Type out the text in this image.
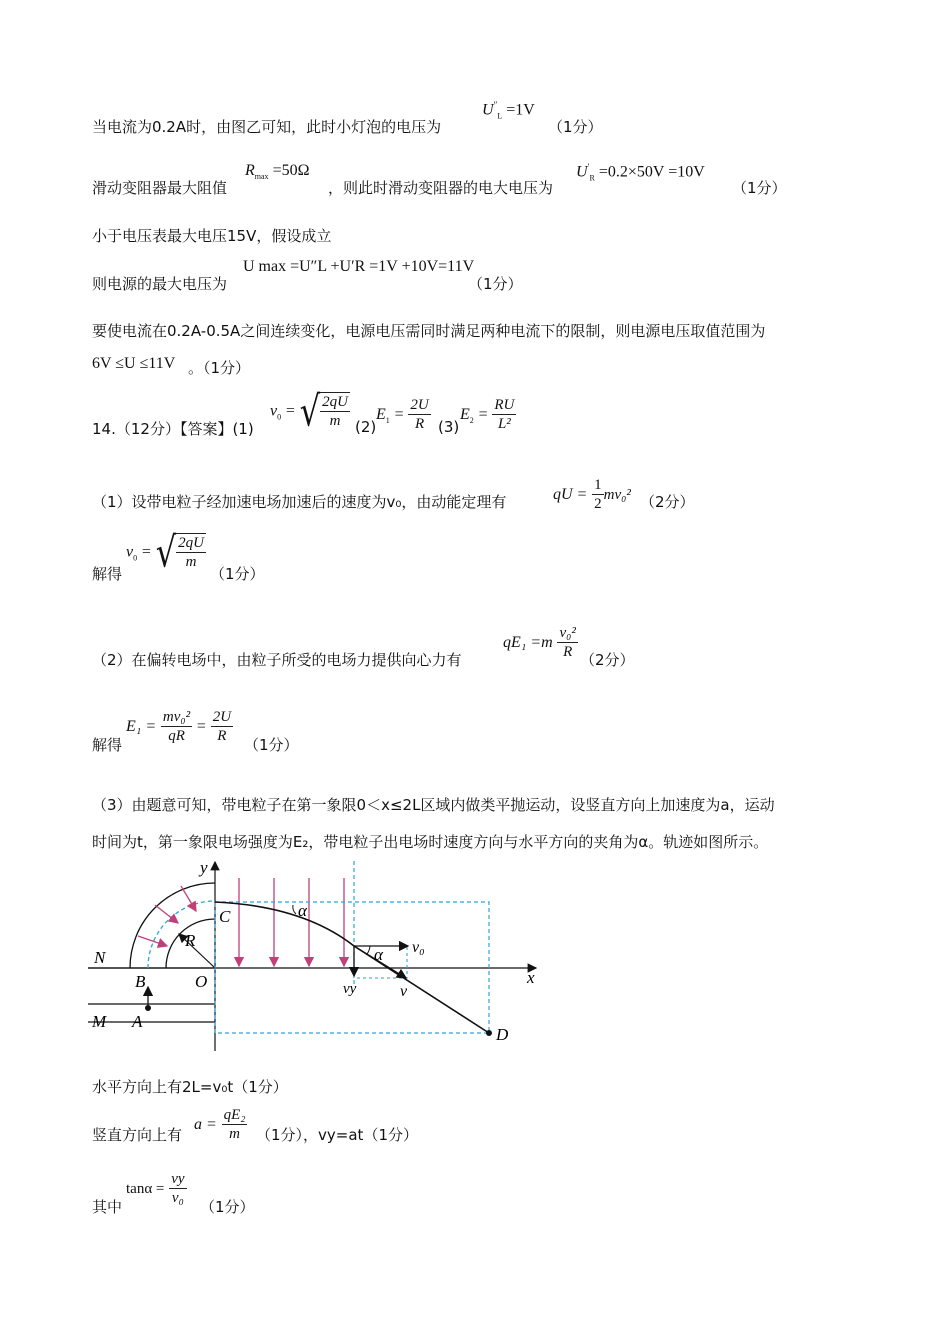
当电流为0.2A时，由图乙可知，此时小灯泡的电压为
$U''_L =1V$
（1分）
滑动变阻器最大阻值
$R_{max} =50\Omega$
，则此时滑动变阻器的电大电压为
$U'_R =0.2\times 50V =10V$
（1分）
小于电压表最大电压15V，假设成立
则电源的最大电压为
U max =U″L +U′R =1V +10V=11V
（1分）
要使电流在0.2A-0.5A之间连续变化，电源电压需同时满足两种电流下的限制，则电源电压取值范围为
6V ≤U ≤11V 。（1分）
14.（12分）【答案】(1)
$v_0$ = √ $\frac{2qU}{m} (2)$
$E_1 = \frac{2U}{R} (3)$
$E_2 = \frac{RU}{\text{L²}}$
（1）设带电粒子经加速电场加速后的速度为v₀，由动能定理有	qU = $\frac{1}{2} mv_0^2$ （2分）
解得
$v_0$ = √ $\frac{2qU}{m}$
（1分）
（2）在偏转电场中，由粒子所受的电场力提供向心力有
$qE_1 =m \frac{\text{v₀²}}{R} (2$分）
解得
$E_1 = \frac{\text{mv₀²}}{qR} = \frac{2U}{R} (1$分）
（3）由题意可知，带电粒子在第一象限0＜x≤2L区域内做类平抛运动，设竖直方向上加速度为a，运动
时间为t，第一象限电场强度为E₂，带电粒子出电场时速度方向与水平方向的夹角为α。轨迹如图所示。
y
x
N
M
B
A
O
C
R
D
α
α v₀
vy	v
水平方向上有2L=v₀t（1分）
竖直方向上有
$a = \frac{\text{qE₂}}{m} (1$分），vy=at（1分）
其中
$\tan\alpha = \frac{vy}{\text{v₀}} (1$分）
